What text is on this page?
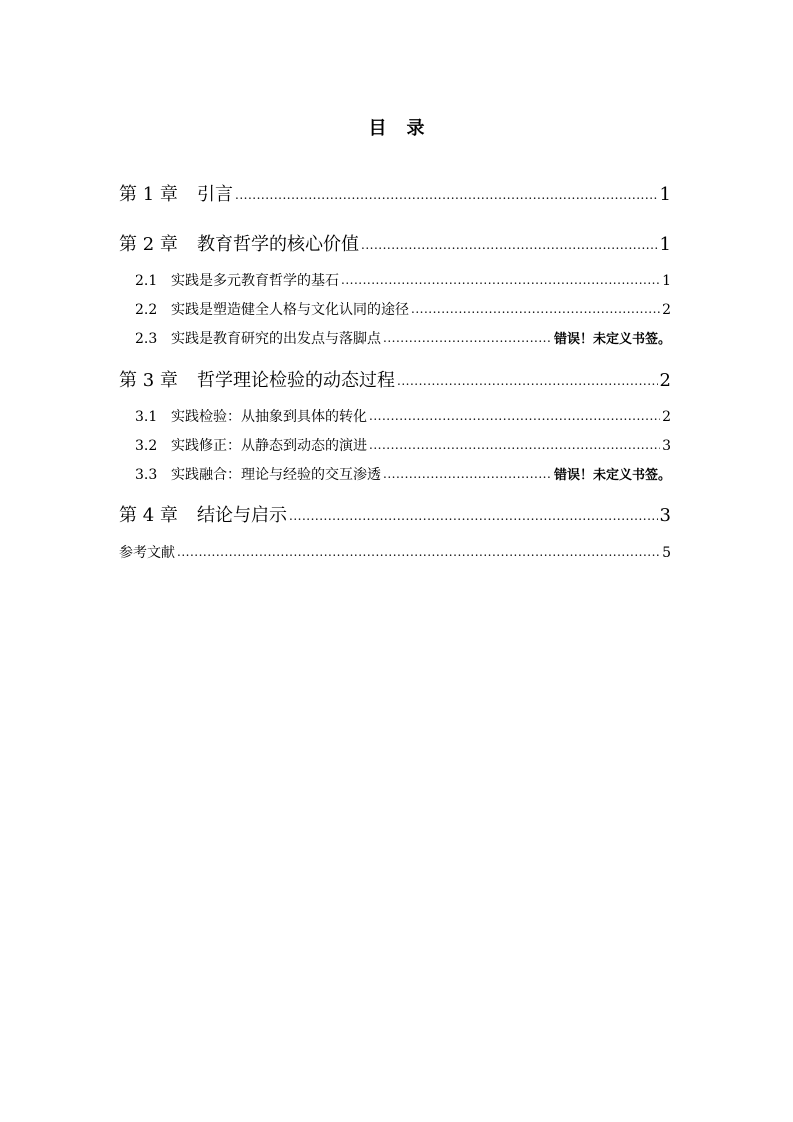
目 录
第 1 章	引言 .....	1
第 2 章	教育哲学的核心价值 .....	1
2.1 实践是多元教育哲学的基石 .....	1
2.2 实践是塑造健全人格与文化认同的途径 .....	2
2.3 实践是教育研究的出发点与落脚点 .....	错误！未定义书签。
第 3 章	哲学理论检验的动态过程 .....	2
3.1 实践检验：从抽象到具体的转化 .....	2
3.2 实践修正：从静态到动态的演进 .....	3
3.3 实践融合：理论与经验的交互渗透 .....	错误！未定义书签。
第 4 章	结论与启示 .....	3
参考文献 .....	5
